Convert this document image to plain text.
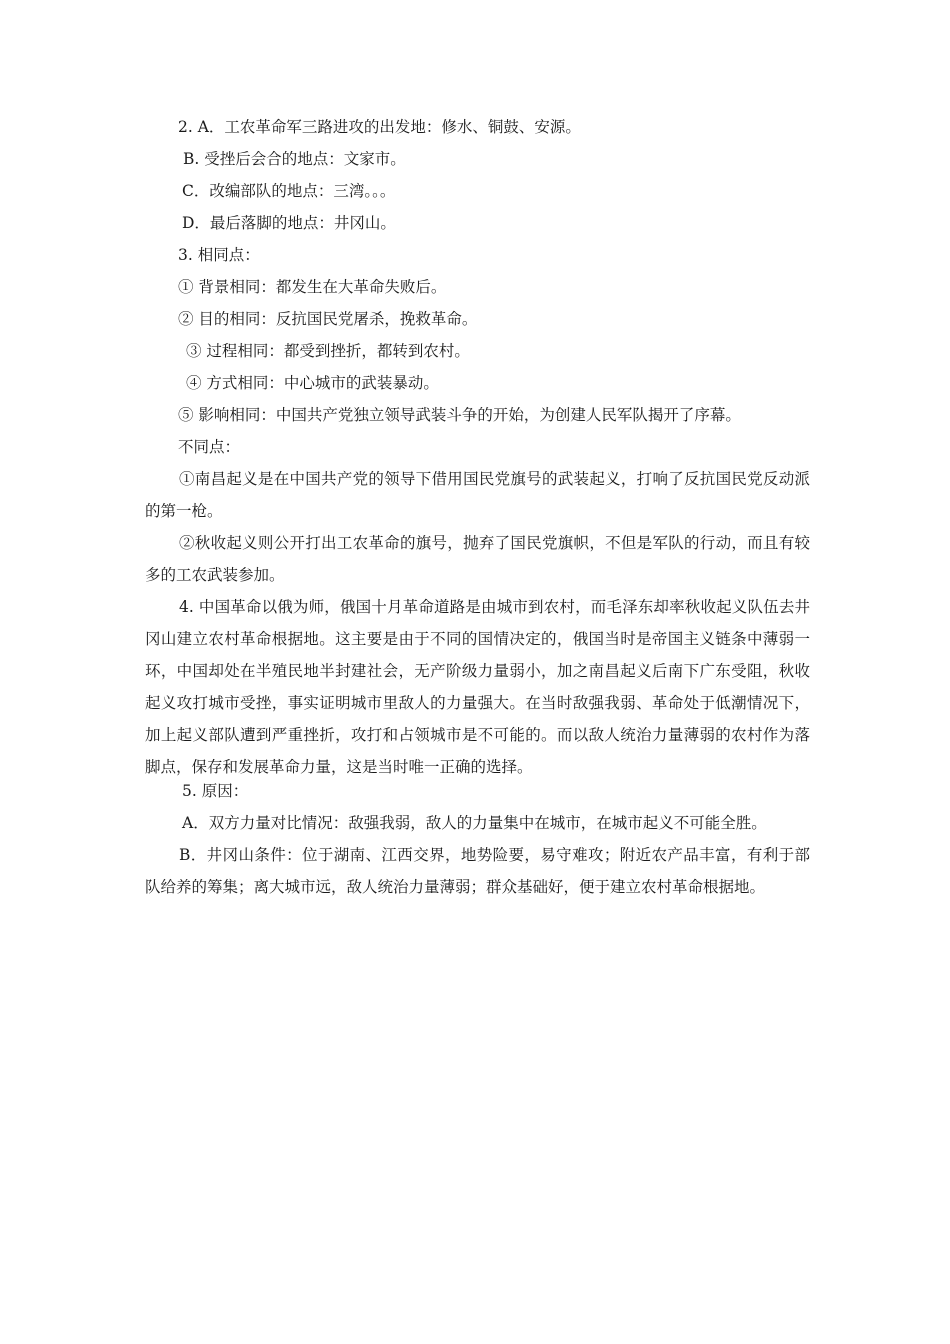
2. A．工农革命军三路进攻的出发地：修水、铜鼓、安源。
B. 受挫后会合的地点：文家市。
C．改编部队的地点：三湾。。。
D．最后落脚的地点：井冈山。
3. 相同点：
① 背景相同：都发生在大革命失败后。
② 目的相同：反抗国民党屠杀，挽救革命。
③ 过程相同：都受到挫折，都转到农村。
④ 方式相同：中心城市的武装暴动。
⑤ 影响相同：中国共产党独立领导武装斗争的开始，为创建人民军队揭开了序幕。
不同点：
①南昌起义是在中国共产党的领导下借用国民党旗号的武装起义，打响了反抗国民党反动派的第一枪。
②秋收起义则公开打出工农革命的旗号，抛弃了国民党旗帜，不但是军队的行动，而且有较多的工农武装参加。
4. 中国革命以俄为师，俄国十月革命道路是由城市到农村，而毛泽东却率秋收起义队伍去井冈山建立农村革命根据地。这主要是由于不同的国情决定的，俄国当时是帝国主义链条中薄弱一环，中国却处在半殖民地半封建社会，无产阶级力量弱小，加之南昌起义后南下广东受阻，秋收起义攻打城市受挫，事实证明城市里敌人的力量强大。在当时敌强我弱、革命处于低潮情况下，加上起义部队遭到严重挫折，攻打和占领城市是不可能的。而以敌人统治力量薄弱的农村作为落脚点，保存和发展革命力量，这是当时唯一正确的选择。
5. 原因：
A．双方力量对比情况：敌强我弱，敌人的力量集中在城市，在城市起义不可能全胜。
B．井冈山条件：位于湖南、江西交界，地势险要，易守难攻；附近农产品丰富，有利于部队给养的筹集；离大城市远，敌人统治力量薄弱；群众基础好，便于建立农村革命根据地。
